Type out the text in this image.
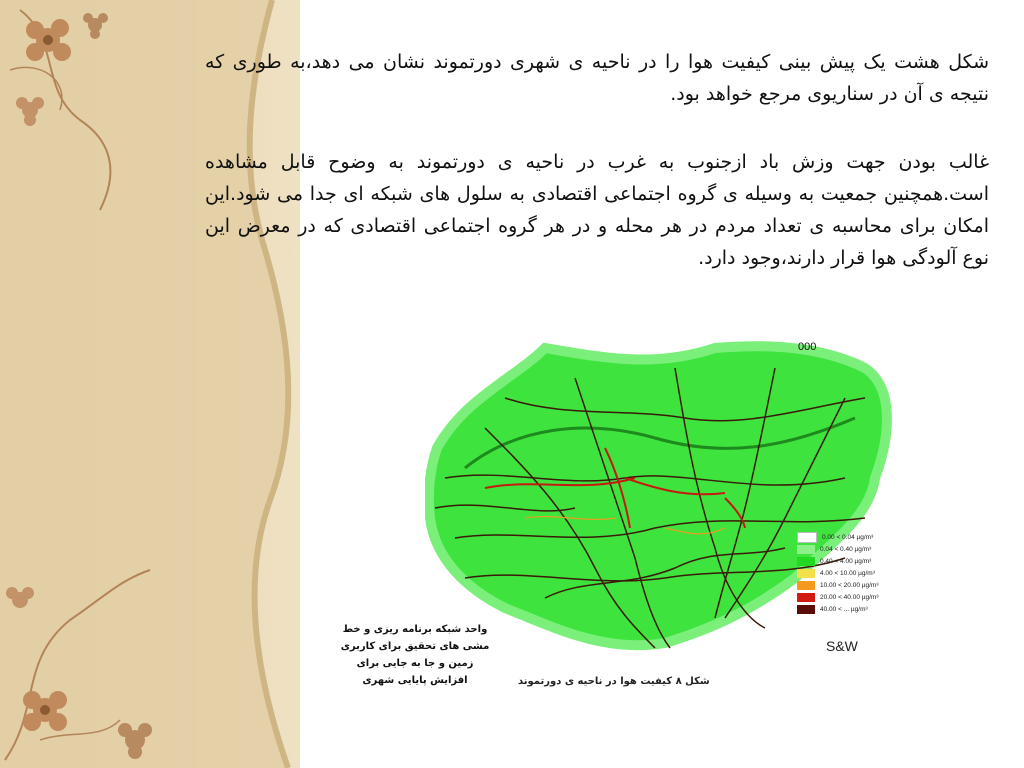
شکل هشت یک پیش بینی کیفیت هوا را در ناحیه ی شهری دورتموند نشان می دهد،به طوری که نتیجه ی آن در سناریوی مرجع خواهد بود.
غالب بودن جهت وزش باد ازجنوب به غرب در ناحیه ی دورتموند به وضوح قابل مشاهده است.همچنین جمعیت به وسیله ی گروه اجتماعی اقتصادی به سلول های شبکه ای جدا می شود.این امکان برای محاسبه ی تعداد مردم در هر محله و در هر گروه اجتماعی اقتصادی که در معرض این نوع آلودگی هوا قرار دارند،وجود دارد.
000
0.00 < 0.04 µg/m³
0.04 < 0.40 µg/m³
0.40 < 4.00 µg/m³
4.00 < 10.00 µg/m³
10.00 < 20.00 µg/m³
20.00 < 40.00 µg/m³
40.00 < ... µg/m³
S&W
شکل ۸ کیفیت هوا در ناحیه ی دورتموند
واحد شبکه برنامه ریزی و خط مشی های تحقیق برای کاربری زمین و جا به جایی برای افزایش پایایی شهری
